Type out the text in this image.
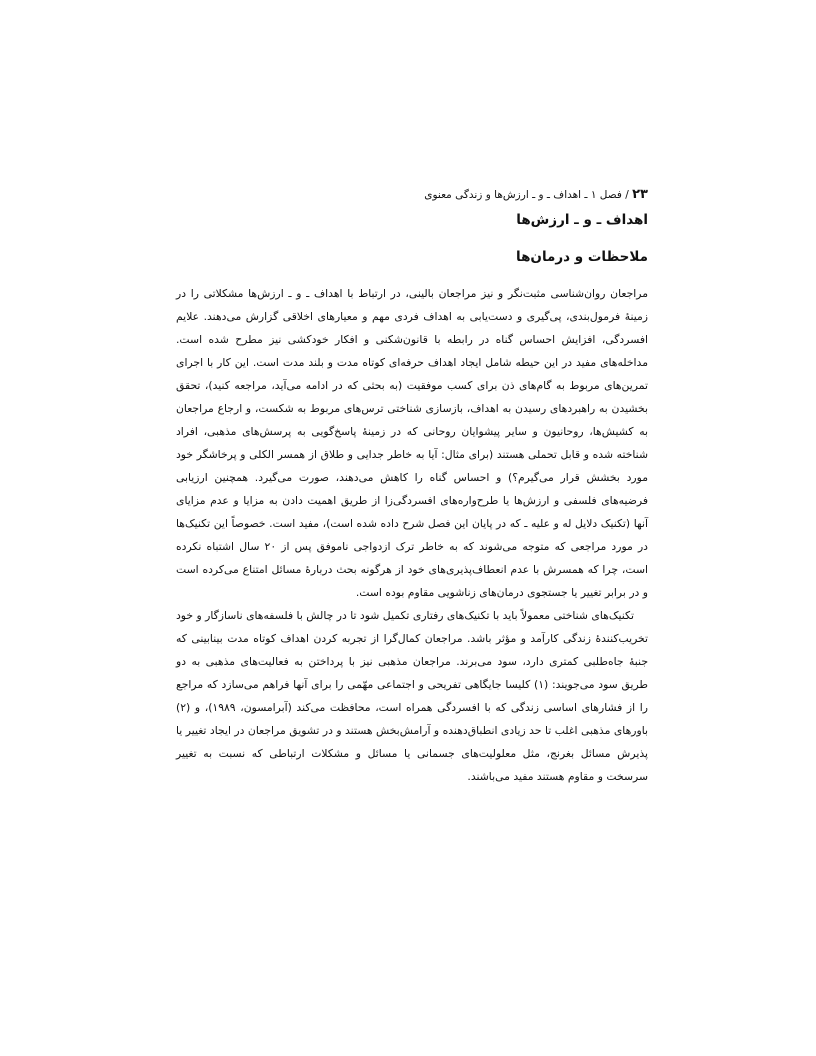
۲۳ / فصل ۱ ـ اهداف ـ و ـ ارزش‌ها و زندگی معنوی
اهداف ـ و ـ ارزش‌ها
ملاحظات و درمان‌ها

مراجعان روان‌شناسی مثبت‌نگر و نیز مراجعان بالینی، در ارتباط با اهداف ـ و ـ ارزش‌ها مشکلاتی را در زمینهٔ فرمول‌بندی، پی‌گیری و دست‌یابی به اهداف فردی مهم و معیارهای اخلاقی گزارش می‌دهند. علایم افسردگی، افزایش احساس گناه در رابطه با قانون‌شکنی و افکار خودکشی نیز مطرح شده است. مداخله‌های مفید در این حیطه شامل ایجاد اهداف حرفه‌ای کوتاه مدت و بلند مدت است. این کار با اجرای تمرین‌های مربوط به گام‌های ذن برای کسب موفقیت (به بحثی که در ادامه می‌آید، مراجعه کنید)، تحقق بخشیدن به راهبردهای رسیدن به اهداف، بازسازی شناختی ترس‌های مربوط به شکست، و ارجاع مراجعان به کشیش‌ها، روحانیون و سایر پیشوایان روحانی که در زمینهٔ پاسخ‌گویی به پرسش‌های مذهبی، افراد شناخته شده و قابل تحملی هستند (برای مثال: آیا به خاطر جدایی و طلاق از همسر الکلی و پرخاشگر خود مورد بخشش قرار می‌گیرم؟) و احساس گناه را کاهش می‌دهند، صورت می‌گیرد. همچنین ارزیابی فرضیه‌های فلسفی و ارزش‌ها یا طرح‌واره‌های افسردگی‌زا از طریق اهمیت دادن به مزایا و عدم مزایای آنها (تکنیک دلایل له و علیه ـ که در پایان این فصل شرح داده شده است)، مفید است. خصوصاً این تکنیک‌ها در مورد مراجعی که متوجه می‌شوند که به خاطر ترک ازدواجی ناموفق پس از ۲۰ سال اشتباه نکرده است، چرا که همسرش با عدم انعطاف‌پذیری‌های خود از هرگونه بحث دربارهٔ مسائل امتناع می‌کرده است و در برابر تغییر یا جستجوی درمان‌های زناشویی مقاوم بوده است.

تکنیک‌های شناختی معمولاً باید با تکنیک‌های رفتاری تکمیل شود تا در چالش با فلسفه‌های ناسازگار و خود تخریب‌کنندهٔ زندگی کارآمد و مؤثر باشد. مراجعان کمال‌گرا از تجربه کردن اهداف کوتاه مدت بینابینی که جنبهٔ جاه‌طلبی کمتری دارد، سود می‌برند. مراجعان مذهبی نیز با پرداختن به فعالیت‌های مذهبی به دو طریق سود می‌جویند: (۱) کلیسا جایگاهی تفریحی و اجتماعی مهّمی را برای آنها فراهم می‌سازد که مراجع را از فشارهای اساسی زندگی که با افسردگی همراه است، محافظت می‌کند (آبرامسون، ۱۹۸۹)، و (۲) باورهای مذهبی اغلب تا حد زیادی انطباق‌دهنده و آرامش‌بخش هستند و در تشویق مراجعان در ایجاد تغییر یا پذیرش مسائل بغرنج، مثل معلولیت‌های جسمانی یا مسائل و مشکلات ارتباطی که نسبت به تغییر سرسخت و مقاوم هستند مفید می‌باشند.
